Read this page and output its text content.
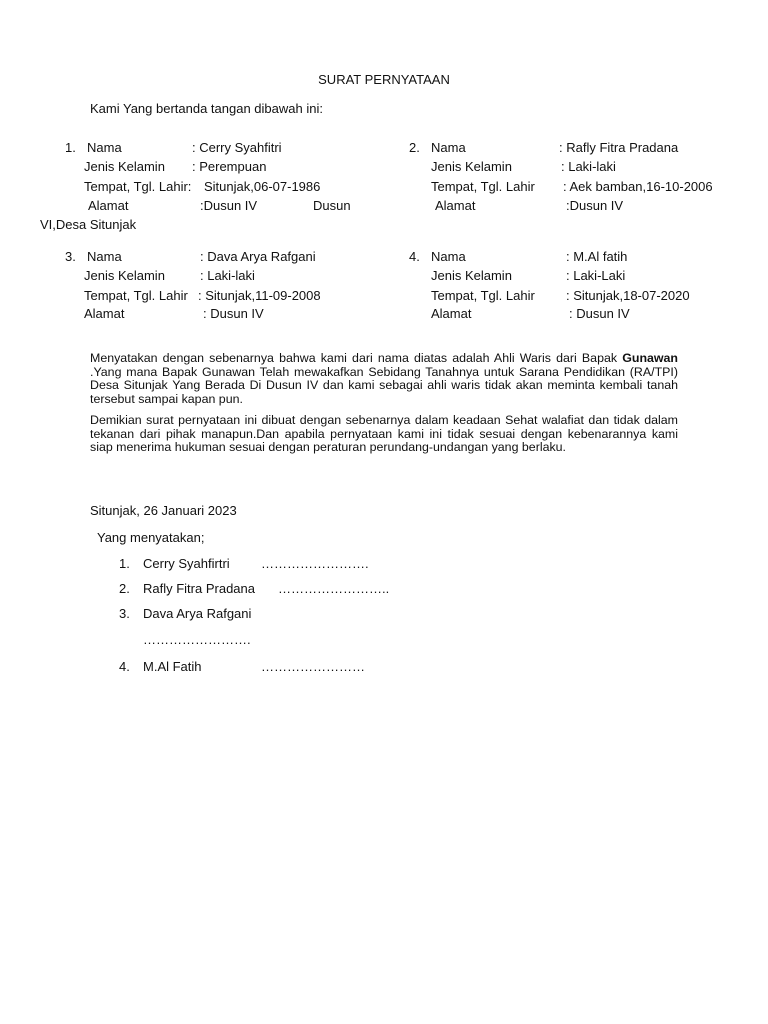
SURAT PERNYATAAN
Kami Yang bertanda tangan dibawah ini:
1. Nama	: Cerry Syahfitri
Jenis Kelamin : Perempuan
Tempat, Tgl. Lahir: Situnjak,06-07-1986
Alamat	:Dusun IV	Dusun
VI,Desa Situnjak
2. Nama	: Rafly Fitra Pradana
Jenis Kelamin	: Laki-laki
Tempat, Tgl. Lahir : Aek bamban,16-10-2006
Alamat	:Dusun IV
3. Nama	: Dava Arya Rafgani
Jenis Kelamin	: Laki-laki
Tempat, Tgl. Lahir : Situnjak,11-09-2008
Alamat	: Dusun IV
4. Nama	: M.Al fatih
Jenis Kelamin	: Laki-Laki
Tempat, Tgl. Lahir : Situnjak,18-07-2020
Alamat	: Dusun IV
Menyatakan dengan sebenarnya bahwa kami dari nama diatas adalah Ahli Waris dari Bapak Gunawan .Yang mana Bapak Gunawan Telah mewakafkan Sebidang Tanahnya untuk Sarana Pendidikan (RA/TPI) Desa Situnjak Yang Berada Di Dusun IV dan kami sebagai ahli waris tidak akan meminta kembali tanah tersebut sampai kapan pun.
Demikian surat pernyataan ini dibuat dengan sebenarnya dalam keadaan Sehat walafiat dan tidak dalam tekanan dari pihak manapun.Dan apabila pernyataan kami ini tidak sesuai dengan kebenarannya kami siap menerima hukuman sesuai dengan peraturan perundang-undangan yang berlaku.
Situnjak, 26 Januari 2023
Yang menyatakan;
1. Cerry Syahfirtri …………………….
2. Rafly Fitra Pradana ……………………..
3. Dava Arya Rafgani
…………………….
4. M.Al Fatih	……………………
